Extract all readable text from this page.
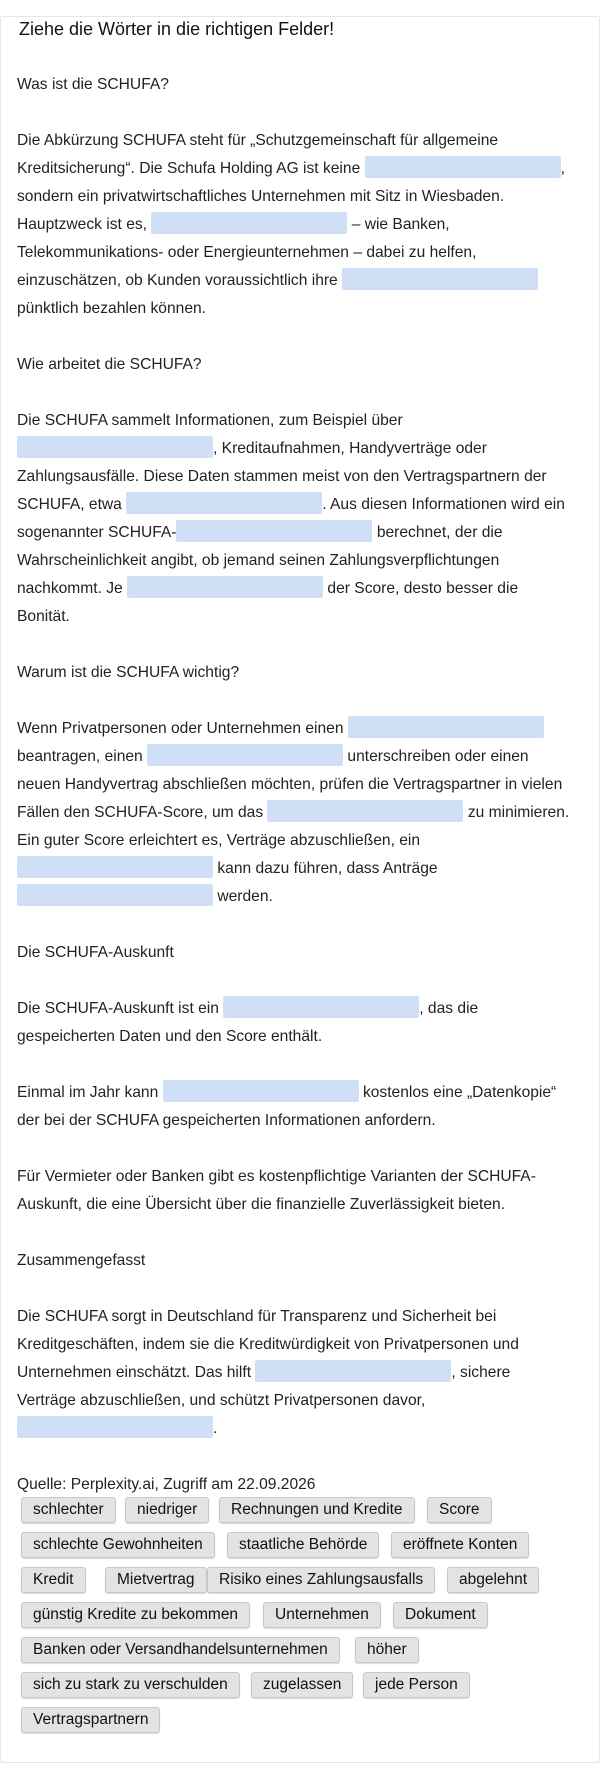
Ziehe die Wörter in die richtigen Felder!
Was ist die SCHUFA?
Die Abkürzung SCHUFA steht für „Schutzgemeinschaft für allgemeine
Kreditsicherung“. Die Schufa Holding AG ist keine	,
sondern ein privatwirtschaftliches Unternehmen mit Sitz in Wiesbaden.
Hauptzweck ist es,	– wie Banken,
Telekommunikations- oder Energieunternehmen – dabei zu helfen,
einzuschätzen, ob Kunden voraussichtlich ihre
pünktlich bezahlen können.
Wie arbeitet die SCHUFA?
Die SCHUFA sammelt Informationen, zum Beispiel über
, Kreditaufnahmen, Handyverträge oder
Zahlungsausfälle. Diese Daten stammen meist von den Vertragspartnern der
SCHUFA, etwa	. Aus diesen Informationen wird ein
sogenannter SCHUFA-	berechnet, der die
Wahrscheinlichkeit angibt, ob jemand seinen Zahlungsverpflichtungen
nachkommt. Je	der Score, desto besser die
Bonität.
Warum ist die SCHUFA wichtig?
Wenn Privatpersonen oder Unternehmen einen
beantragen, einen	unterschreiben oder einen
neuen Handyvertrag abschließen möchten, prüfen die Vertragspartner in vielen
Fällen den SCHUFA-Score, um das	zu minimieren.
Ein guter Score erleichtert es, Verträge abzuschließen, ein
kann dazu führen, dass Anträge
werden.
Die SCHUFA-Auskunft
Die SCHUFA-Auskunft ist ein	, das die
gespeicherten Daten und den Score enthält.
Einmal im Jahr kann	kostenlos eine „Datenkopie“
der bei der SCHUFA gespeicherten Informationen anfordern.
Für Vermieter oder Banken gibt es kostenpflichtige Varianten der SCHUFA-
Auskunft, die eine Übersicht über die finanzielle Zuverlässigkeit bieten.
Zusammengefasst
Die SCHUFA sorgt in Deutschland für Transparenz und Sicherheit bei
Kreditgeschäften, indem sie die Kreditwürdigkeit von Privatpersonen und
Unternehmen einschätzt. Das hilft	, sichere
Verträge abzuschließen, und schützt Privatpersonen davor,
.
Quelle: Perplexity.ai, Zugriff am 22.09.2026
schlechter	niedriger	Rechnungen und Kredite	Score
schlechte Gewohnheiten	staatliche Behörde	eröffnete Konten
Kredit	Mietvertrag	Risiko eines Zahlungsausfalls	abgelehnt
günstig Kredite zu bekommen	Unternehmen	Dokument
Banken oder Versandhandelsunternehmen	höher
sich zu stark zu verschulden	zugelassen	jede Person
Vertragspartnern
